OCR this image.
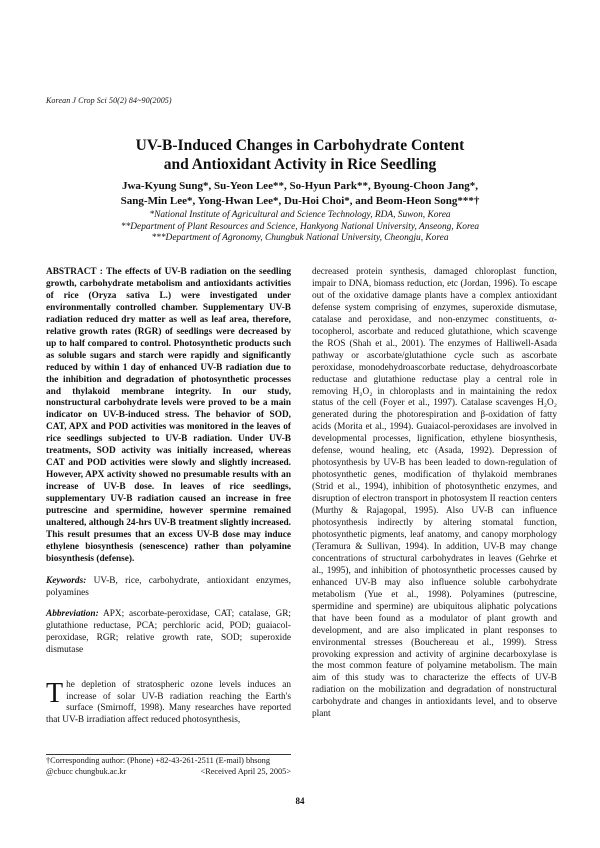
Korean J Crop Sci 50(2) 84~90(2005)
UV-B-Induced Changes in Carbohydrate Content
and Antioxidant Activity in Rice Seedling
Jwa-Kyung Sung*, Su-Yeon Lee**, So-Hyun Park**, Byoung-Choon Jang*,
Sang-Min Lee*, Yong-Hwan Lee*, Du-Hoi Choi*, and Beom-Heon Song***†
*National Institute of Agricultural and Science Technology, RDA, Suwon, Korea
**Department of Plant Resources and Science, Hankyong National University, Anseong, Korea
***Department of Agronomy, Chungbuk National University, Cheongju, Korea

ABSTRACT : The effects of UV-B radiation on the seedling growth, carbohydrate metabolism and antioxidants activities of rice (Oryza sativa L.) were investigated under environmentally controlled chamber. Supplementary UV-B radiation reduced dry matter as well as leaf area, therefore, relative growth rates (RGR) of seedlings were decreased by up to half compared to control. Photosynthetic products such as soluble sugars and starch were rapidly and significantly reduced by within 1 day of enhanced UV-B radiation due to the inhibition and degradation of photosynthetic processes and thylakoid membrane integrity. In our study, nonstructural carbohydrate levels were proved to be a main indicator on UV-B-induced stress. The behavior of SOD, CAT, APX and POD activities was monitored in the leaves of rice seedlings subjected to UV-B radiation. Under UV-B treatments, SOD activity was initially increased, whereas CAT and POD activities were slowly and slightly increased. However, APX activity showed no presumable results with an increase of UV-B dose. In leaves of rice seedlings, supplementary UV-B radiation caused an increase in free putrescine and spermidine, however spermine remained unaltered, although 24-hrs UV-B treatment slightly increased. This result presumes that an excess UV-B dose may induce ethylene biosynthesis (senescence) rather than polyamine biosynthesis (defense).

Keywords: UV-B, rice, carbohydrate, antioxidant enzymes, polyamines

Abbreviation: APX; ascorbate-peroxidase, CAT; catalase, GR; glutathione reductase, PCA; perchloric acid, POD; guaiacol-peroxidase, RGR; relative growth rate, SOD; superoxide dismutase

The depletion of stratospheric ozone levels induces an increase of solar UV-B radiation reaching the Earth's surface (Smirnoff, 1998). Many researches have reported that UV-B irradiation affect reduced photosynthesis,

†Corresponding author: (Phone) +82-43-261-2511 (E-mail) bhsong
@cbucc chungbuk.ac.kr	<Received April 25, 2005>

decreased protein synthesis, damaged chloroplast function, impair to DNA, biomass reduction, etc (Jordan, 1996). To escape out of the oxidative damage plants have a complex antioxidant defense system comprising of enzymes, superoxide dismutase, catalase and peroxidase, and non-enzymec constituents, α-tocopherol, ascorbate and reduced glutathione, which scavenge the ROS (Shah et al., 2001). The enzymes of Halliwell-Asada pathway or ascorbate/glutathione cycle such as ascorbate peroxidase, monodehydroascorbate reductase, dehydroascorbate reductase and glutathione reductase play a central role in removing H₂O₂ in chloroplasts and in maintaining the redox status of the cell (Foyer et al., 1997). Catalase scavenges H₂O₂ generated during the photorespiration and β-oxidation of fatty acids (Morita et al., 1994). Guaiacol-peroxidases are involved in developmental processes, lignification, ethylene biosynthesis, defense, wound healing, etc (Asada, 1992). Depression of photosynthesis by UV-B has been leaded to down-regulation of photosynthetic genes, modification of thylakoid membranes (Strid et al., 1994), inhibition of photosynthetic enzymes, and disruption of electron transport in photosystem II reaction centers (Murthy & Rajagopal, 1995). Also UV-B can influence photosynthesis indirectly by altering stomatal function, photosynthetic pigments, leaf anatomy, and canopy morphology (Teramura & Sullivan, 1994). In addition, UV-B may change concentrations of structural carbohydrates in leaves (Gehrke et al., 1995), and inhibition of photosynthetic processes caused by enhanced UV-B may also influence soluble carbohydrate metabolism (Yue et al., 1998). Polyamines (putrescine, spermidine and spermine) are ubiquitous aliphatic polycations that have been found as a modulator of plant growth and development, and are also implicated in plant responses to environmental stresses (Bouchereau et al., 1999). Stress provoking expression and activity of arginine decarboxylase is the most common feature of polyamine metabolism. The main aim of this study was to characterize the effects of UV-B radiation on the mobilization and degradation of nonstructural carbohydrate and changes in antioxidants level, and to observe plant

84
